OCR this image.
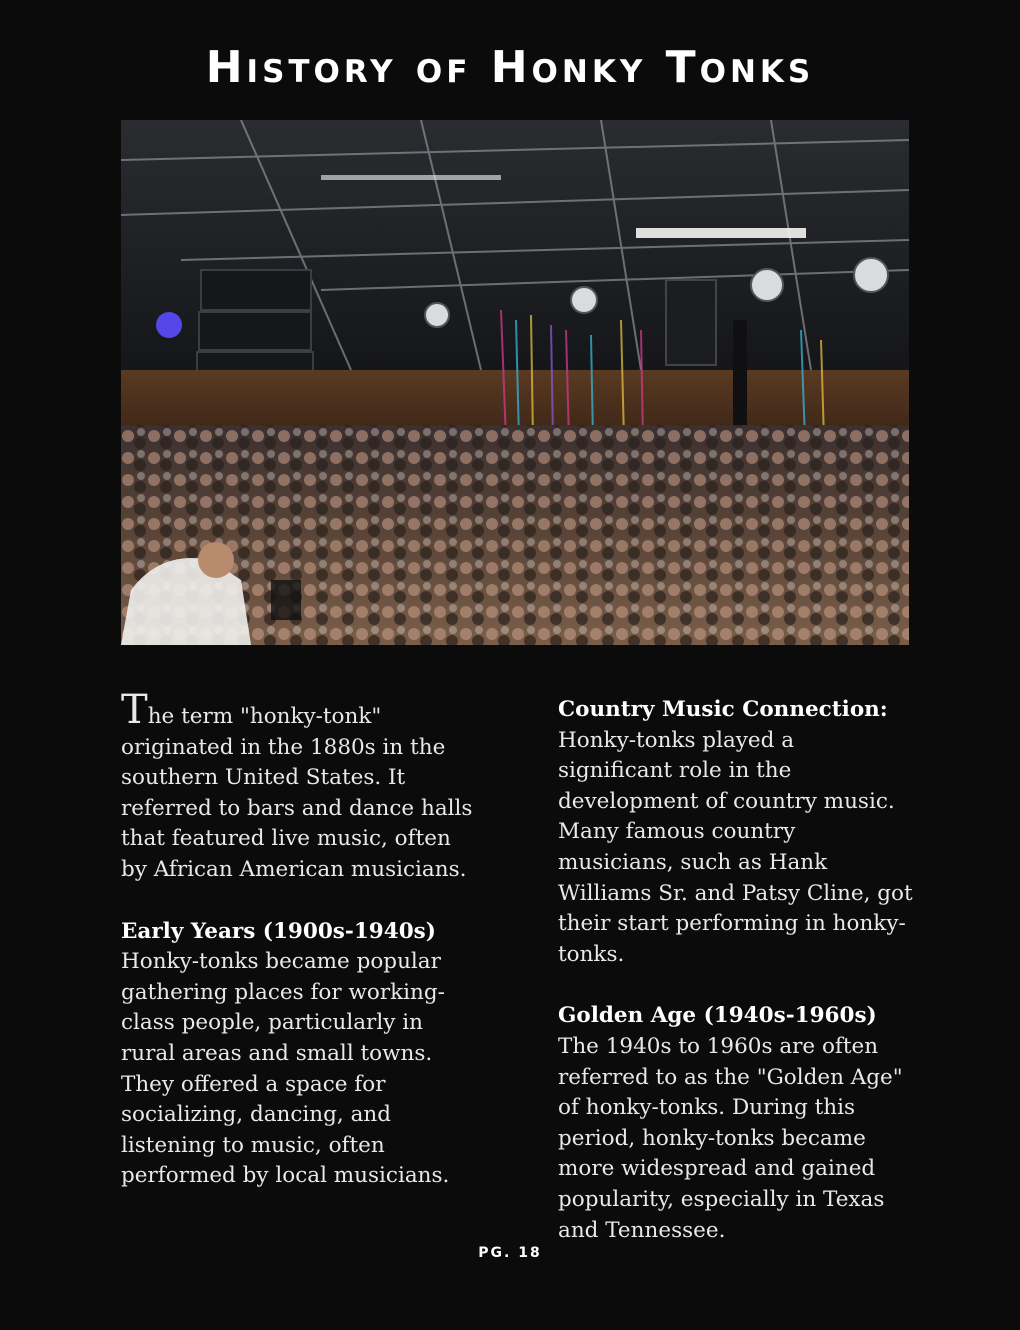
History of Honky Tonks

The term "honky-tonk" originated in the 1880s in the southern United States. It referred to bars and dance halls that featured live music, often by African American musicians.

Early Years (1900s-1940s)
Honky-tonks became popular gathering places for working-class people, particularly in rural areas and small towns. They offered a space for socializing, dancing, and listening to music, often performed by local musicians.

Country Music Connection:
Honky-tonks played a significant role in the development of country music. Many famous country musicians, such as Hank Williams Sr. and Patsy Cline, got their start performing in honky-tonks.

Golden Age (1940s-1960s)
The 1940s to 1960s are often referred to as the "Golden Age" of honky-tonks. During this period, honky-tonks became more widespread and gained popularity, especially in Texas and Tennessee.

PG. 18
